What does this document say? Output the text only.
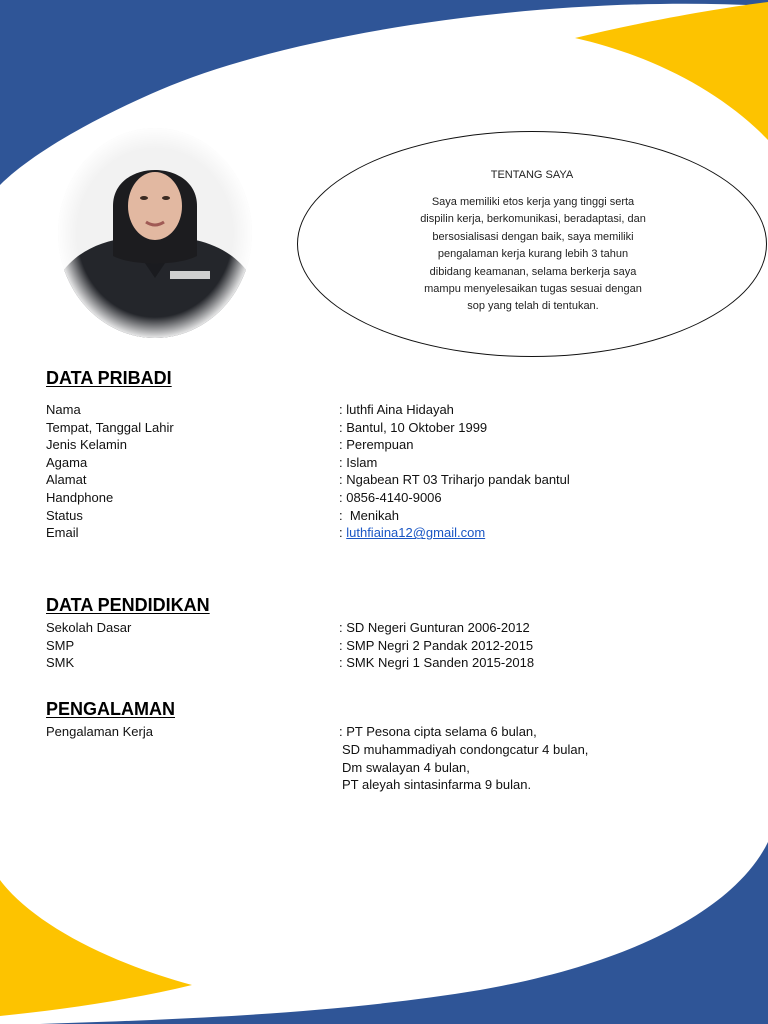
TENTANG SAYA

Saya memiliki etos kerja yang tinggi serta
dispilin kerja, berkomunikasi, beradaptasi, dan
bersosialisasi dengan baik, saya memiliki
pengalaman kerja kurang lebih 3 tahun
dibidang keamanan, selama berkerja saya
mampu menyelesaikan tugas sesuai dengan
sop yang telah di tentukan.

DATA PRIBADI
Nama	: luthfi Aina Hidayah
Tempat, Tanggal Lahir	: Bantul, 10 Oktober 1999
Jenis Kelamin	: Perempuan
Agama	: Islam
Alamat	: Ngabean RT 03 Triharjo pandak bantul
Handphone	: 0856-4140-9006
Status	:  Menikah
Email	: luthfiaina12@gmail.com
DATA PENDIDIKAN
Sekolah Dasar	: SD Negeri Gunturan 2006-2012
SMP	: SMP Negri 2 Pandak 2012-2015
SMK	: SMK Negri 1 Sanden 2015-2018
PENGALAMAN
Pengalaman Kerja	: PT Pesona cipta selama 6 bulan,
SD muhammadiyah condongcatur 4 bulan,
Dm swalayan 4 bulan,
PT aleyah sintasinfarma 9 bulan.
